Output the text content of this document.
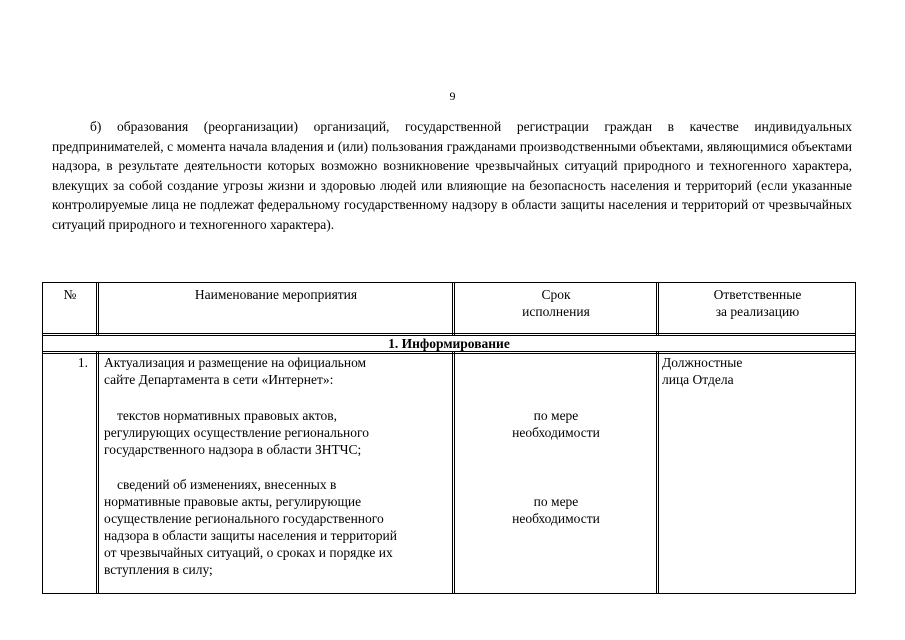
9

б) образования (реорганизации) организаций, государственной регистрации граждан в качестве индивидуальных предпринимателей, с момента начала владения и (или) пользования гражданами производственными объектами, являющимися объектами надзора, в результате деятельности которых возможно возникновение чрезвычайных ситуаций природного и техногенного характера, влекущих за собой создание угрозы жизни и здоровью людей или влияющие на безопасность населения и территорий (если указанные контролируемые лица не подлежат федеральному государственному надзору в области защиты населения и территорий от чрезвычайных ситуаций природного и техногенного характера).

№	Наименование мероприятия	Срок
исполнения
Ответственные
за реализацию
1. Информирование
1. Актуализация и размещение на официальном
сайте Департамента в сети «Интернет»:
текстов нормативных правовых актов,
регулирующих осуществление регионального
государственного надзора в области ЗНТЧС;
по мере
необходимости
сведений об изменениях, внесенных в
нормативные правовые акты, регулирующие
осуществление регионального государственного
надзора в области защиты населения и территорий
от чрезвычайных ситуаций, о сроках и порядке их
вступления в силу;
по мере
необходимости
Должностные
лица Отдела
